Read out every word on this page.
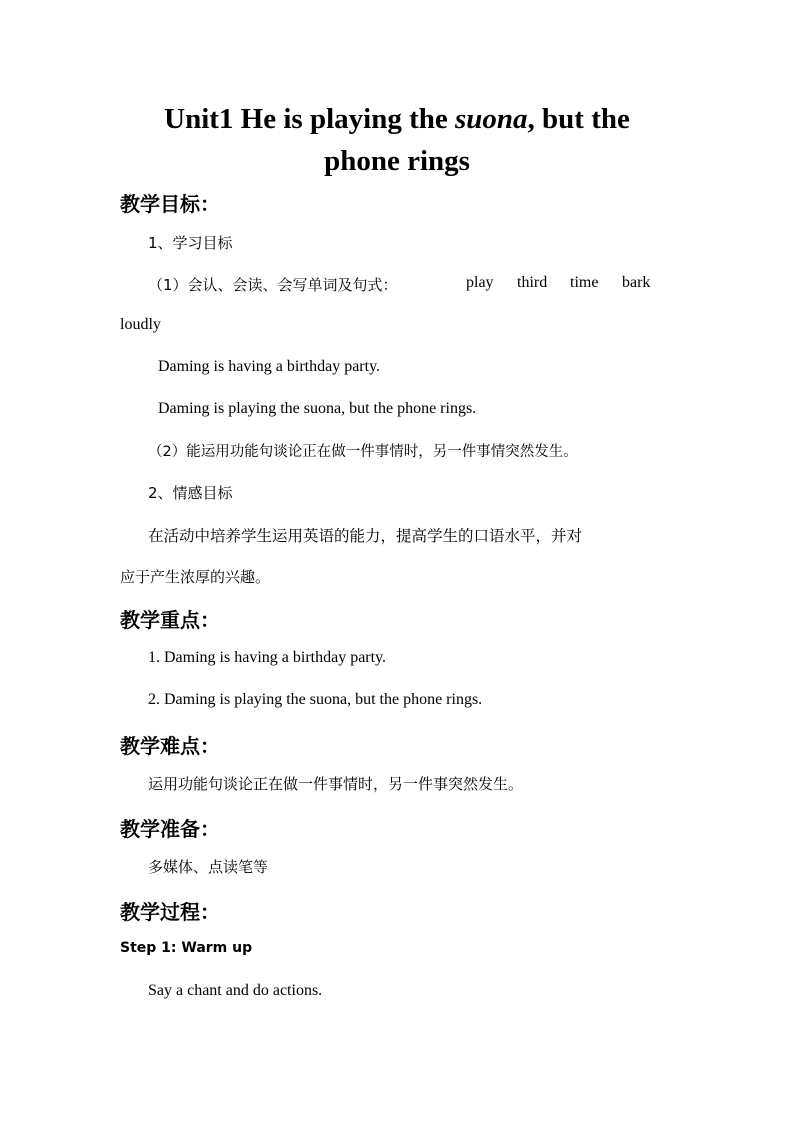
Unit1 He is playing the suona, but the
phone rings
教学目标：
1、学习目标
（1）会认、会读、会写单词及句式：	play third time bark
loudly
Daming is having a birthday party.
Daming is playing the suona, but the phone rings.
（2）能运用功能句谈论正在做一件事情时，另一件事情突然发生。
2、情感目标
在活动中培养学生运用英语的能力，提高学生的口语水平，并对
应于产生浓厚的兴趣。
教学重点：
1. Daming is having a birthday party.
2. Daming is playing the suona, but the phone rings.
教学难点：
运用功能句谈论正在做一件事情时，另一件事突然发生。
教学准备：
多媒体、点读笔等
教学过程：
Step 1: Warm up
Say a chant and do actions.
